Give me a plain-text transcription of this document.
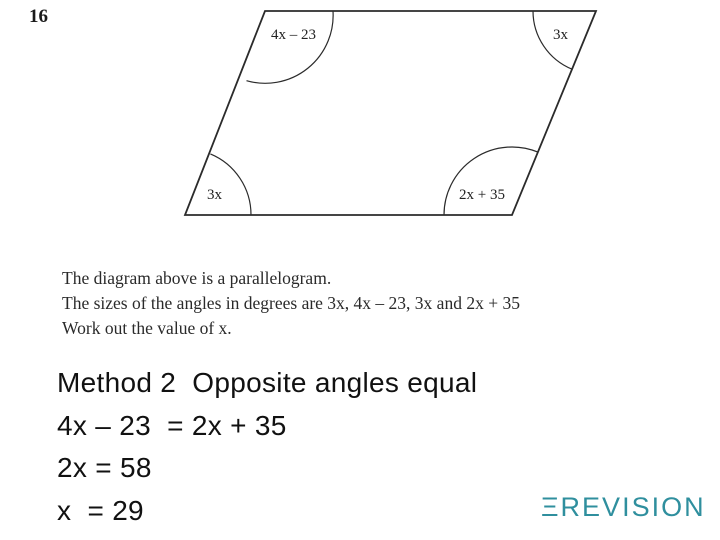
16
4x – 23	3x
3x	2x + 35
The diagram above is a parallelogram.
The sizes of the angles in degrees are 3x, 4x – 23, 3x and 2x + 35
Work out the value of x.
Method 2  Opposite angles equal
4x – 23  = 2x + 35
2x = 58
x  = 29	ΞREVISION
